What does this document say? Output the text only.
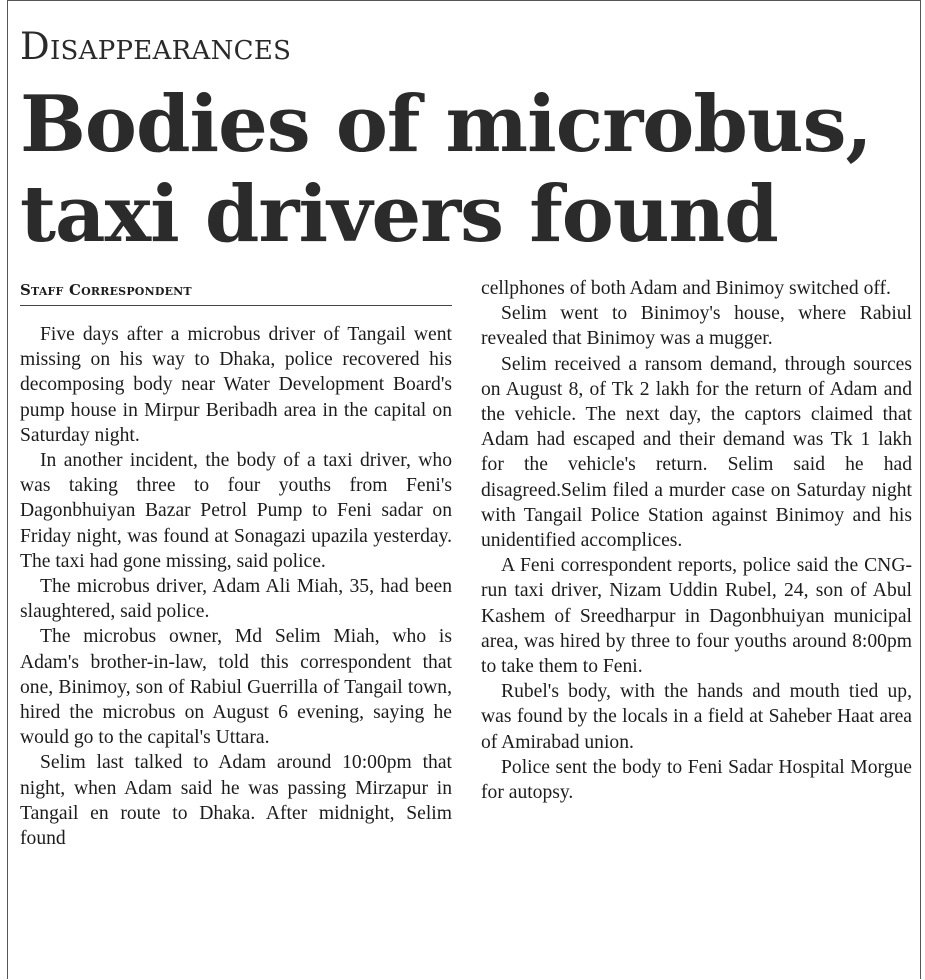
Disappearances
Bodies of microbus, taxi drivers found
Staff Correspondent

Five days after a microbus driver of Tangail went missing on his way to Dhaka, police recovered his decomposing body near Water Development Board's pump house in Mirpur Beribadh area in the capital on Saturday night.

In another incident, the body of a taxi driver, who was taking three to four youths from Feni's Dagonbhuiyan Bazar Petrol Pump to Feni sadar on Friday night, was found at Sonagazi upazila yesterday. The taxi had gone missing, said police.

The microbus driver, Adam Ali Miah, 35, had been slaughtered, said police.

The microbus owner, Md Selim Miah, who is Adam's brother-in-law, told this correspondent that one, Binimoy, son of Rabiul Guerrilla of Tangail town, hired the microbus on August 6 evening, saying he would go to the capital's Uttara.

Selim last talked to Adam around 10:00pm that night, when Adam said he was passing Mirzapur in Tangail en route to Dhaka. After midnight, Selim found

cellphones of both Adam and Binimoy switched off.

Selim went to Binimoy's house, where Rabiul revealed that Binimoy was a mugger.

Selim received a ransom demand, through sources on August 8, of Tk 2 lakh for the return of Adam and the vehicle. The next day, the captors claimed that Adam had escaped and their demand was Tk 1 lakh for the vehicle's return. Selim said he had disagreed.Selim filed a murder case on Saturday night with Tangail Police Station against Binimoy and his unidentified accomplices.

A Feni correspondent reports, police said the CNG-run taxi driver, Nizam Uddin Rubel, 24, son of Abul Kashem of Sreedharpur in Dagonbhuiyan municipal area, was hired by three to four youths around 8:00pm to take them to Feni.

Rubel's body, with the hands and mouth tied up, was found by the locals in a field at Saheber Haat area of Amirabad union.

Police sent the body to Feni Sadar Hospital Morgue for autopsy.
